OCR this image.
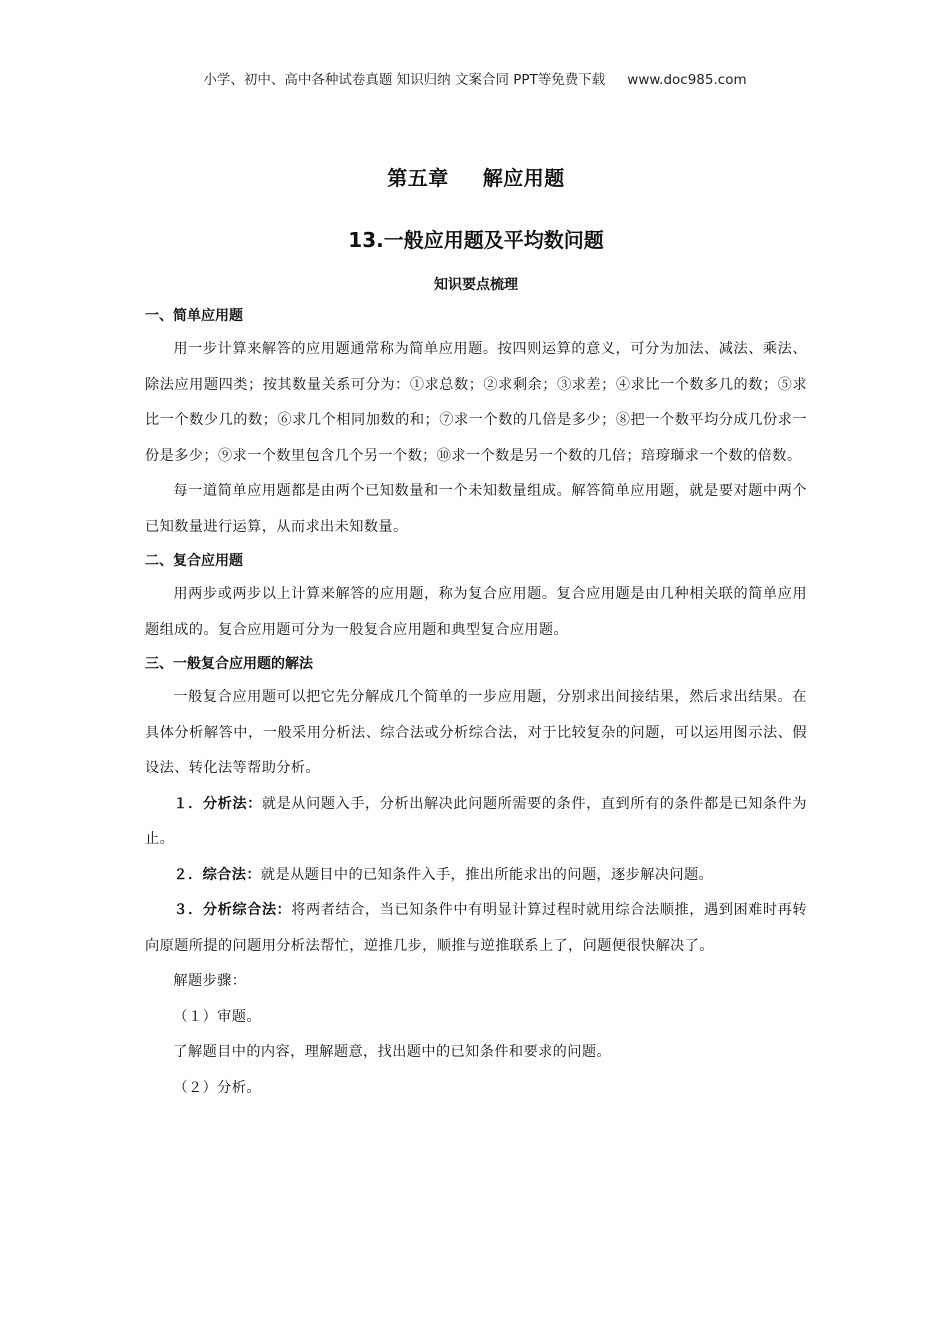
小学、初中、高中各种试卷真题 知识归纳 文案合同 PPT等免费下载 www.doc985.com
第五章 解应用题
13.一般应用题及平均数问题
知识要点梳理
一、简单应用题

用一步计算来解答的应用题通常称为简单应用题。按四则运算的意义，可分为加法、减法、乘法、除法应用题四类；按其数量关系可分为：①求总数；②求剩余；③求差；④求比一个数多几的数；⑤求比一个数少几的数；⑥求几个相同加数的和；⑦求一个数的几倍是多少；⑧把一个数平均分成几份求一份是多少；⑨求一个数里包含几个另一个数；⑩求一个数是另一个数的几倍；琣瑏瑡求一个数的倍数。

每一道简单应用题都是由两个已知数量和一个未知数量组成。解答简单应用题，就是要对题中两个已知数量进行运算，从而求出未知数量。

二、复合应用题

用两步或两步以上计算来解答的应用题，称为复合应用题。复合应用题是由几种相关联的简单应用题组成的。复合应用题可分为一般复合应用题和典型复合应用题。

三、一般复合应用题的解法

一般复合应用题可以把它先分解成几个简单的一步应用题，分别求出间接结果，然后求出结果。在具体分析解答中，一般采用分析法、综合法或分析综合法，对于比较复杂的问题，可以运用图示法、假设法、转化法等帮助分析。

１．分析法：就是从问题入手，分析出解决此问题所需要的条件，直到所有的条件都是已知条件为止。

２．综合法：就是从题目中的已知条件入手，推出所能求出的问题，逐步解决问题。

３．分析综合法：将两者结合，当已知条件中有明显计算过程时就用综合法顺推，遇到困难时再转向原题所提的问题用分析法帮忙，逆推几步，顺推与逆推联系上了，问题便很快解决了。

解题步骤：

（１）审题。

了解题目中的内容，理解题意，找出题中的已知条件和要求的问题。

（２）分析。
